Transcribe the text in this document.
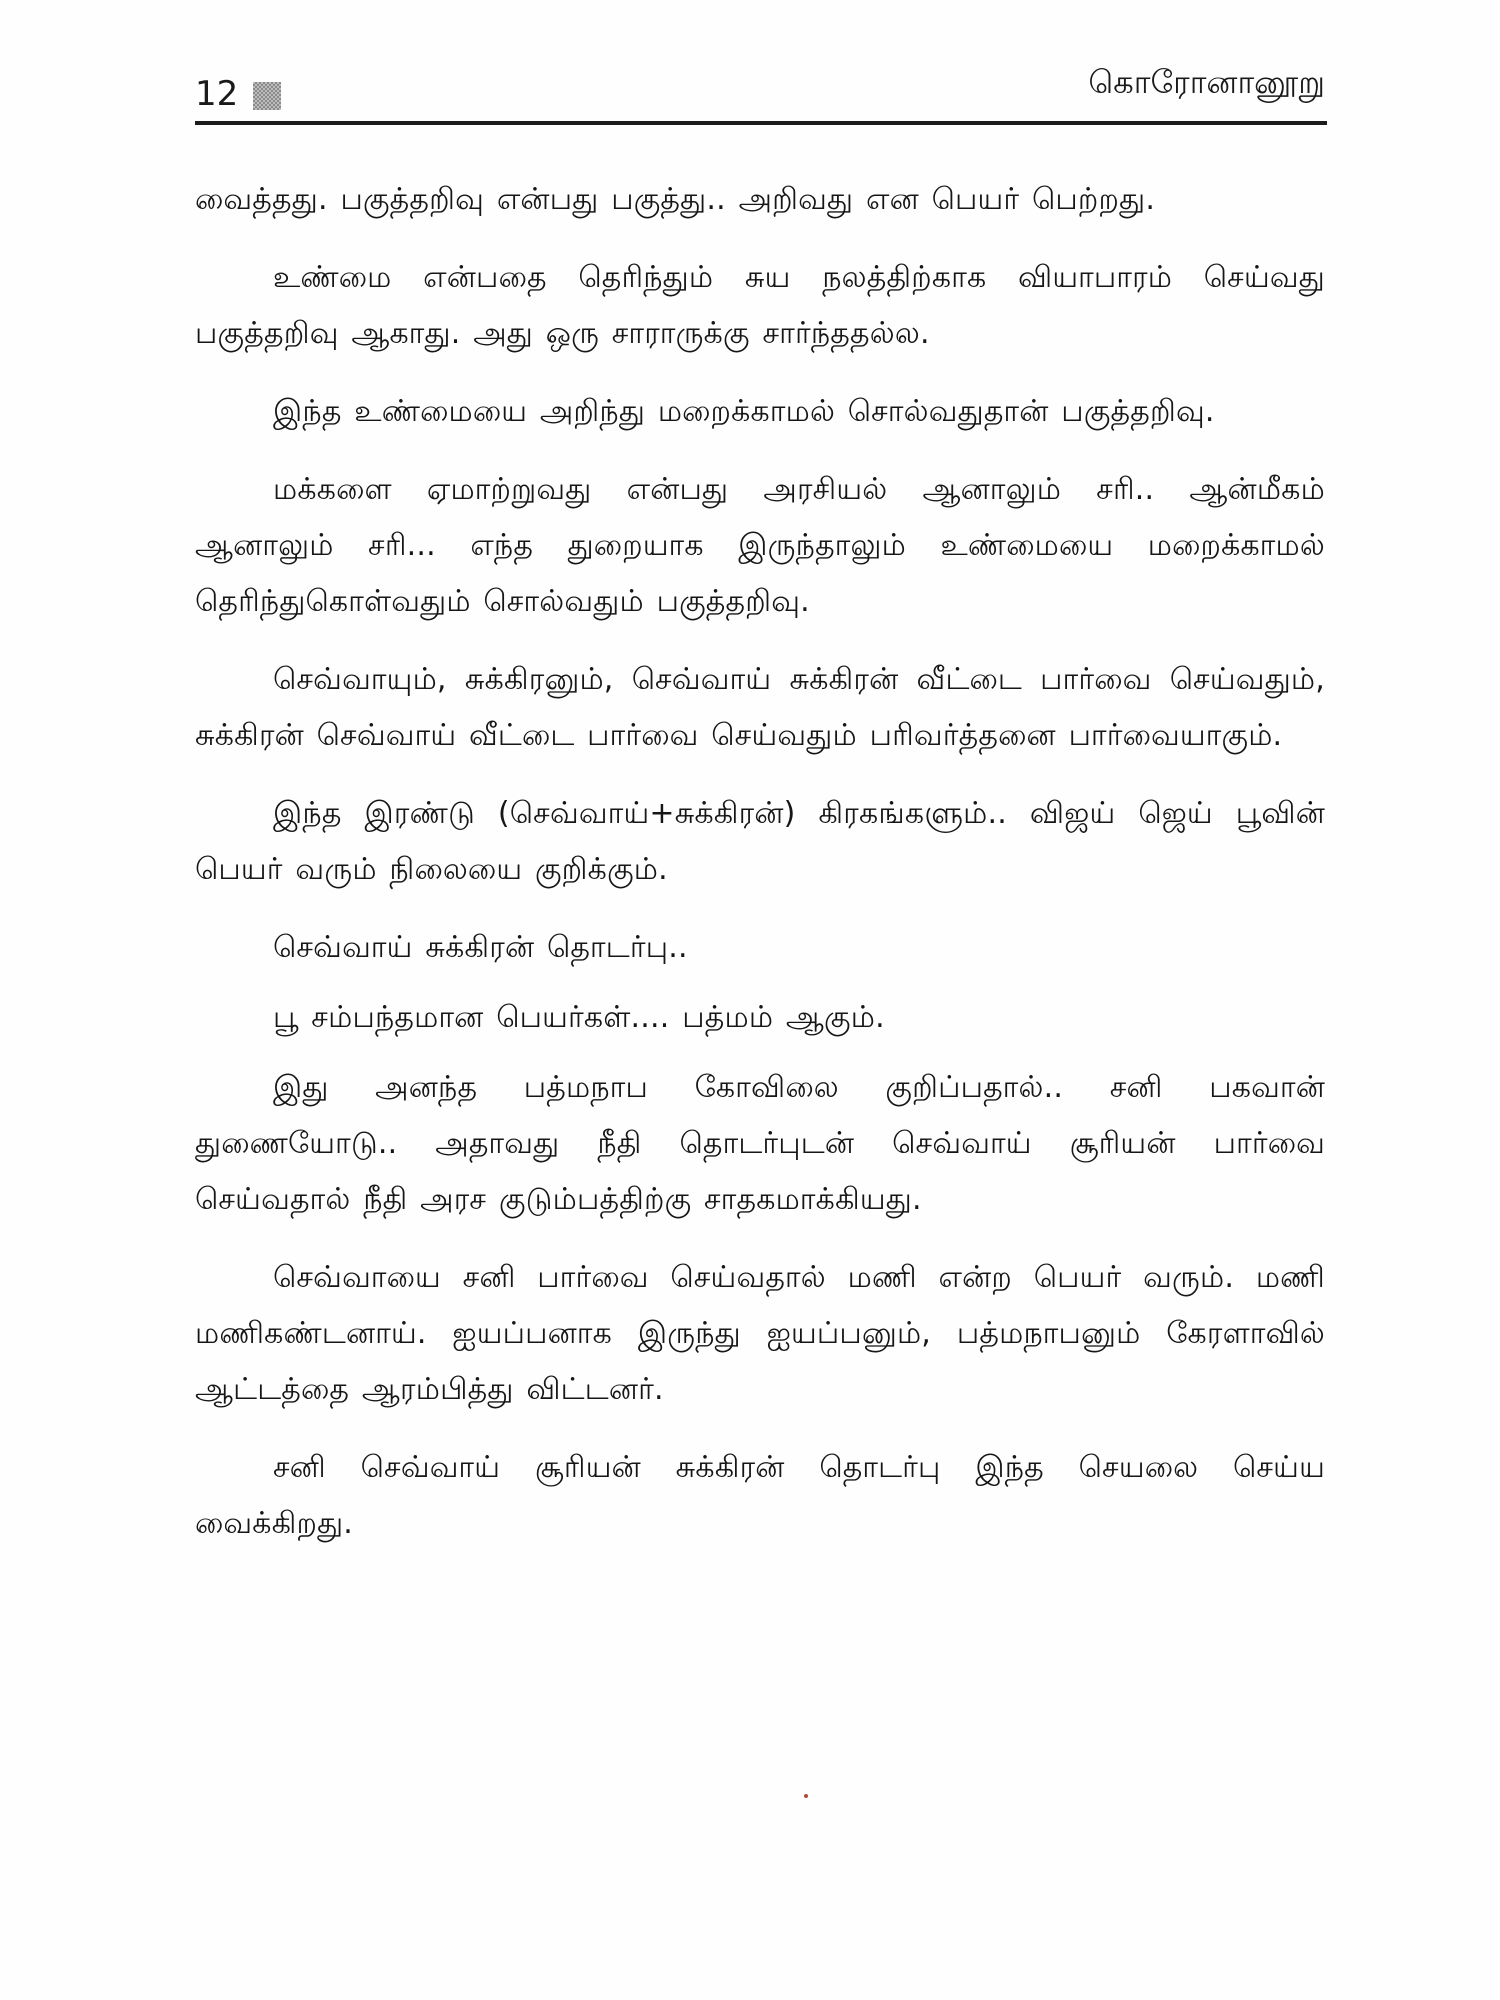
12	கொரோனானூறு

வைத்தது. பகுத்தறிவு என்பது பகுத்து.. அறிவது என பெயர் பெற்றது.

உண்மை என்பதை தெரிந்தும் சுய நலத்திற்காக வியாபாரம் செய்வது பகுத்தறிவு ஆகாது. அது ஒரு சாராருக்கு சார்ந்ததல்ல.

இந்த உண்மையை அறிந்து மறைக்காமல் சொல்வதுதான் பகுத்தறிவு.

மக்களை ஏமாற்றுவது என்பது அரசியல் ஆனாலும் சரி.. ஆன்மீகம் ஆனாலும் சரி... எந்த துறையாக இருந்தாலும் உண்மையை மறைக்காமல் தெரிந்துகொள்வதும் சொல்வதும் பகுத்தறிவு.

செவ்வாயும், சுக்கிரனும், செவ்வாய் சுக்கிரன் வீட்டை பார்வை செய்வதும், சுக்கிரன் செவ்வாய் வீட்டை பார்வை செய்வதும் பரிவர்த்தனை பார்வையாகும்.

இந்த இரண்டு (செவ்வாய்+சுக்கிரன்) கிரகங்களும்.. விஜய் ஜெய் பூவின் பெயர் வரும் நிலையை குறிக்கும்.

செவ்வாய் சுக்கிரன் தொடர்பு..

பூ சம்பந்தமான பெயர்கள்.... பத்மம் ஆகும்.

இது அனந்த பத்மநாப கோவிலை குறிப்பதால்.. சனி பகவான் துணையோடு.. அதாவது நீதி தொடர்புடன் செவ்வாய் சூரியன் பார்வை செய்வதால் நீதி அரச குடும்பத்திற்கு சாதகமாக்கியது.

செவ்வாயை சனி பார்வை செய்வதால் மணி என்ற பெயர் வரும். மணி மணிகண்டனாய். ஐயப்பனாக இருந்து ஐயப்பனும், பத்மநாபனும் கேரளாவில் ஆட்டத்தை ஆரம்பித்து விட்டனர்.

சனி செவ்வாய் சூரியன் சுக்கிரன் தொடர்பு இந்த செயலை செய்ய வைக்கிறது.
